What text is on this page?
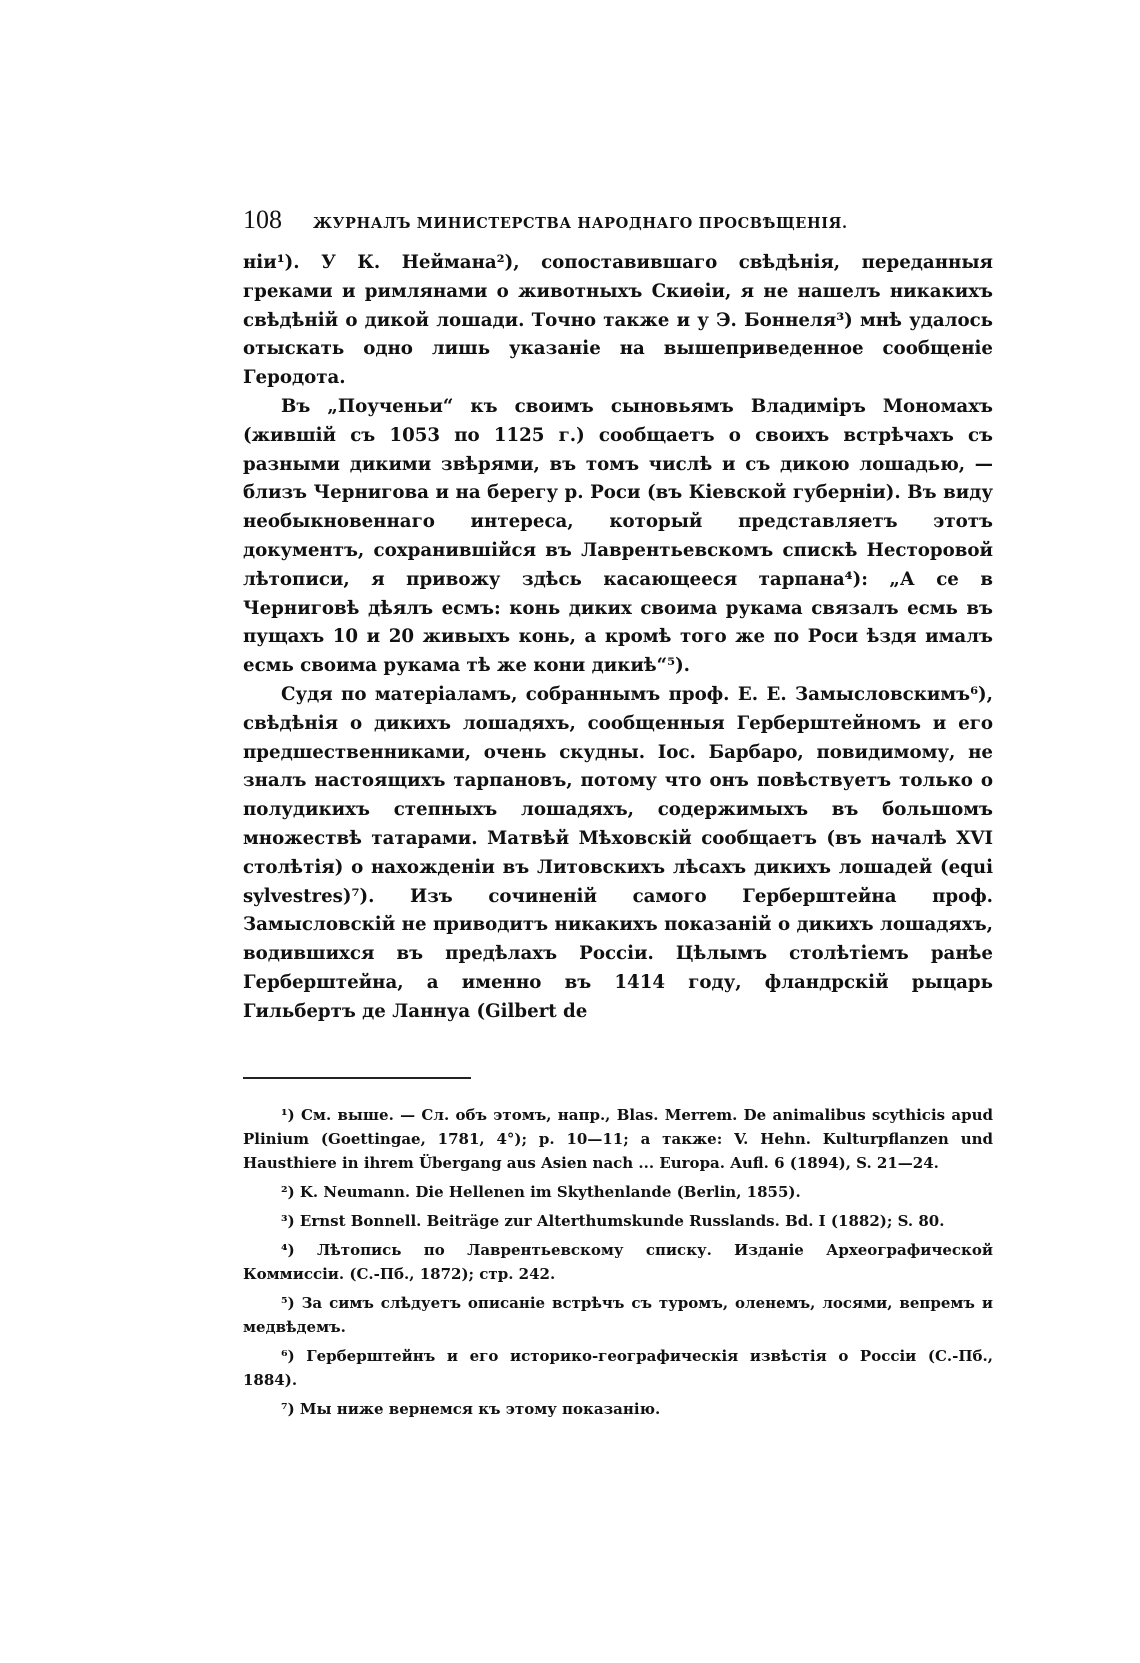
108	ЖУРНАЛЪ МИНИСТЕРСТВА НАРОДНАГО ПРОСВѢЩЕНІЯ.

нiи¹). У К. Неймана²), сопоставившаго свѣдѣнія, переданныя греками и римлянами о животныхъ Скиѳіи, я не нашелъ никакихъ свѣдѣній о дикой лошади. Точно также и у Э. Боннеля³) мнѣ удалось отыскать одно лишь указаніе на вышеприведенное сообщеніе Геродота.

Въ „Поученьи“ къ своимъ сыновьямъ Владиміръ Мономахъ (жившій съ 1053 по 1125 г.) сообщаетъ о своихъ встрѣчахъ съ разными дикими звѣрями, въ томъ числѣ и съ дикою лошадью, — близъ Чернигова и на берегу р. Роси (въ Кіевской губерніи). Въ виду необыкновеннаго интереса, который представляетъ этотъ документъ, сохранившійся въ Лаврентьевскомъ спискѣ Несторовой лѣтописи, я привожу здѣсь касающееся тарпана⁴): „А се в Черниговѣ дѣялъ есмъ: конь диких своима рукама связалъ есмь въ пущахъ 10 и 20 живыхъ конь, а кромѣ того же по Роси ѣздя ималъ есмь своима рукама тѣ же кони дикиѣ“⁵).

Судя по матеріаламъ, собраннымъ проф. Е. Е. Замысловскимъ⁶), свѣдѣнія о дикихъ лошадяхъ, сообщенныя Герберштейномъ и его предшественниками, очень скудны. Іос. Барбаро, повидимому, не зналъ настоящихъ тарпановъ, потому что онъ повѣствуетъ только о полудикихъ степныхъ лошадяхъ, содержимыхъ въ большомъ множествѣ татарами. Матвѣй Мѣховскій сообщаетъ (въ началѣ XVI столѣтія) о нахожденіи въ Литовскихъ лѣсахъ дикихъ лошадей (equi sylvestres)⁷). Изъ сочиненій самого Герберштейна проф. Замысловскій не приводитъ никакихъ показаній о дикихъ лошадяхъ, водившихся въ предѣлахъ Россіи. Цѣлымъ столѣтіемъ ранѣе Герберштейна, а именно въ 1414 году, фландрскій рыцарь Гильбертъ де Ланнуа (Gilbert de

¹) См. выше. — Сл. объ этомъ, напр., Blas. Merrem. De animalibus scythicis apud Plinium (Goettingae, 1781, 4°); p. 10—11; а также: V. Hehn. Kulturpflanzen und Hausthiere in ihrem Übergang aus Asien nach ... Europa. Aufl. 6 (1894), S. 21—24.

²) K. Neumann. Die Hellenen im Skythenlande (Berlin, 1855).

³) Ernst Bonnell. Beiträge zur Alterthumskunde Russlands. Bd. I (1882); S. 80.

⁴) Лѣтопись по Лаврентьевскому списку. Изданіе Археографической Коммиссіи. (С.-Пб., 1872); стр. 242.

⁵) За симъ слѣдуетъ описаніе встрѣчъ съ туромъ, оленемъ, лосями, вепремъ и медвѣдемъ.

⁶) Герберштейнъ и его историко-географическія извѣстія о Россіи (С.-Пб., 1884).

⁷) Мы ниже вернемся къ этому показанію.
